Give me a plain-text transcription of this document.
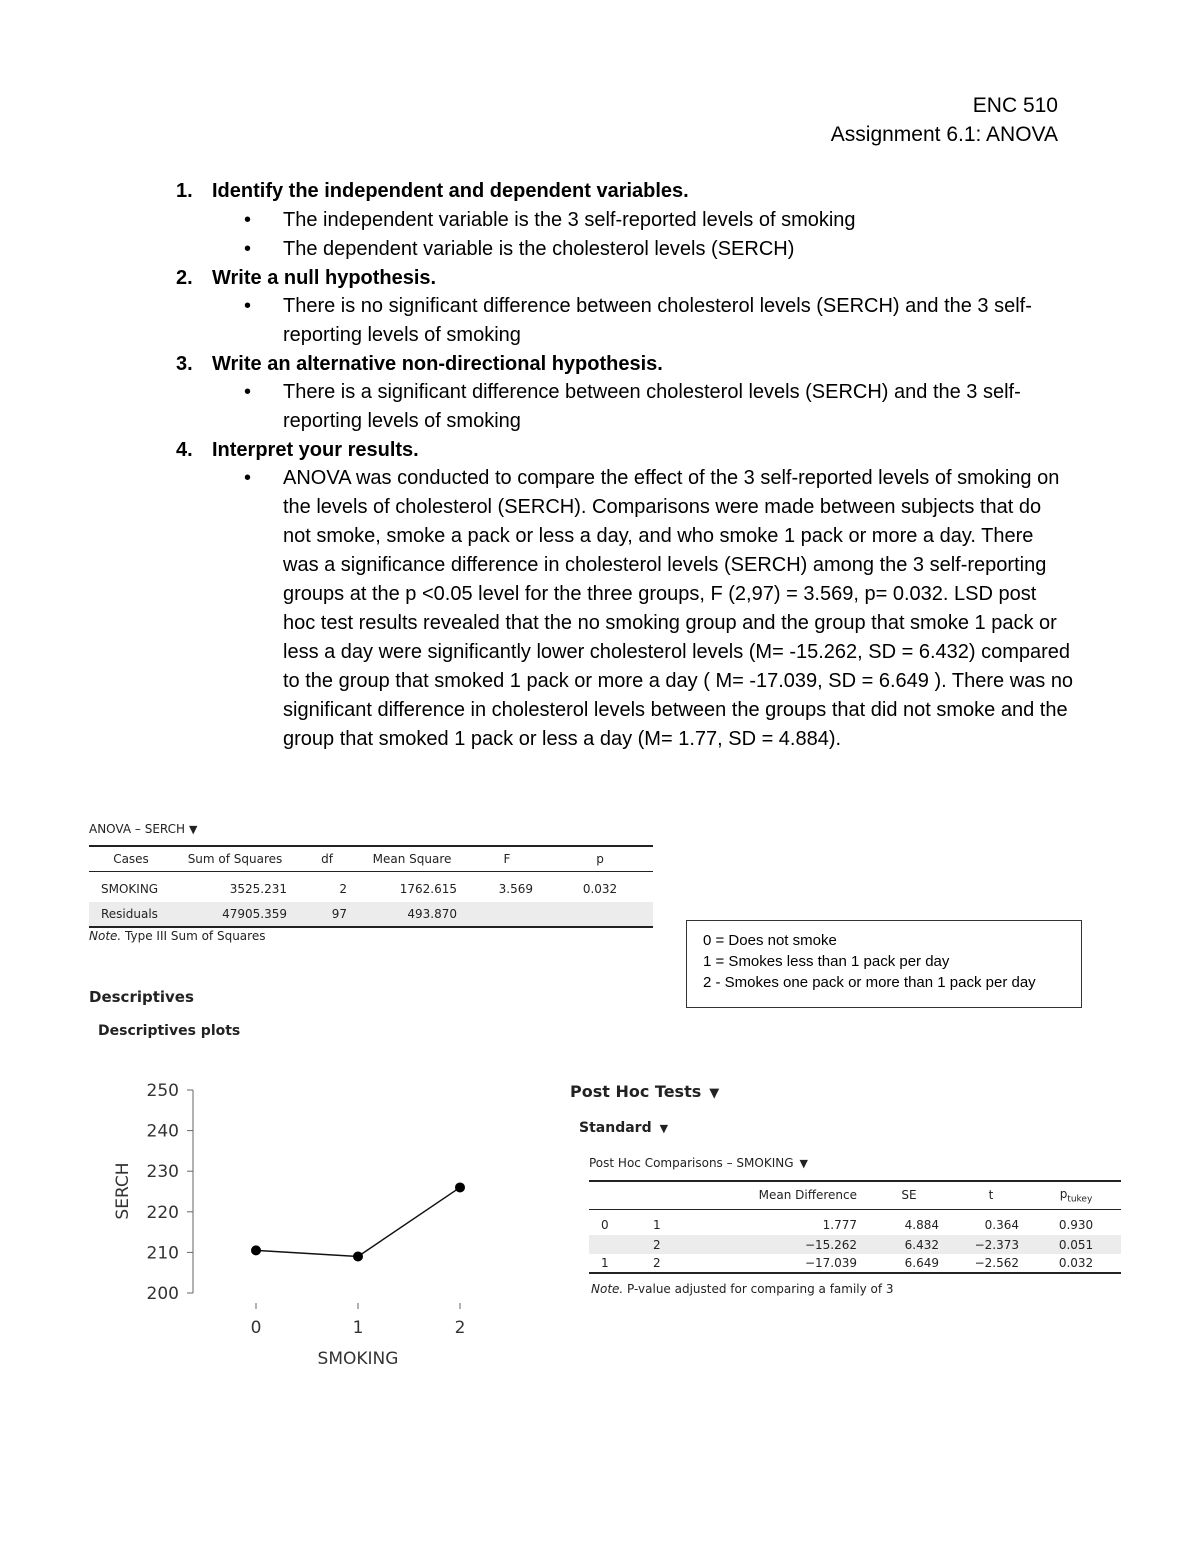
ENC 510
Assignment 6.1: ANOVA
1. Identify the independent and dependent variables.
• The independent variable is the 3 self-reported levels of smoking
• The dependent variable is the cholesterol levels (SERCH)
2. Write a null hypothesis.
• There is no significant difference between cholesterol levels (SERCH) and the 3 self-reporting levels of smoking
3. Write an alternative non-directional hypothesis.
• There is a significant difference between cholesterol levels (SERCH) and the 3 self-reporting levels of smoking
4. Interpret your results.
• ANOVA was conducted to compare the effect of the 3 self-reported levels of smoking on the levels of cholesterol (SERCH). Comparisons were made between subjects that do not smoke, smoke a pack or less a day, and who smoke 1 pack or more a day. There was a significance difference in cholesterol levels (SERCH) among the 3 self-reporting groups at the p <0.05 level for the three groups, F (2,97) = 3.569, p= 0.032. LSD post hoc test results revealed that the no smoking group and the group that smoke 1 pack or less a day were significantly lower cholesterol levels (M= -15.262, SD = 6.432) compared to the group that smoked 1 pack or more a day ( M= -17.039, SD = 6.649 ). There was no significant difference in cholesterol levels between the groups that did not smoke and the group that smoked 1 pack or less a day (M= 1.77, SD = 4.884).
ANOVA – SERCH ▼
Cases	Sum of Squares	df	Mean Square	F	p
SMOKING	3525.231	2	1762.615	3.569	0.032
Residuals	47905.359	97	493.870		
Note. Type III Sum of Squares	0 = Does not smoke
1 = Smokes less than 1 pack per day
2 - Smokes one pack or more than 1 pack per day
Descriptives
Descriptives plots
200
210
220
230
240
250
0	1	2
SERCH
SMOKING
Post Hoc Tests ▼
Standard ▼
Post Hoc Comparisons – SMOKING ▼
		Mean Difference	SE	t	$p_{tukey}$
0	1	1.777	4.884	0.364	0.930
	2	−15.262	6.432	−2.373	0.051
1	2	−17.039	6.649	−2.562	0.032
Note. P-value adjusted for comparing a family of 3
